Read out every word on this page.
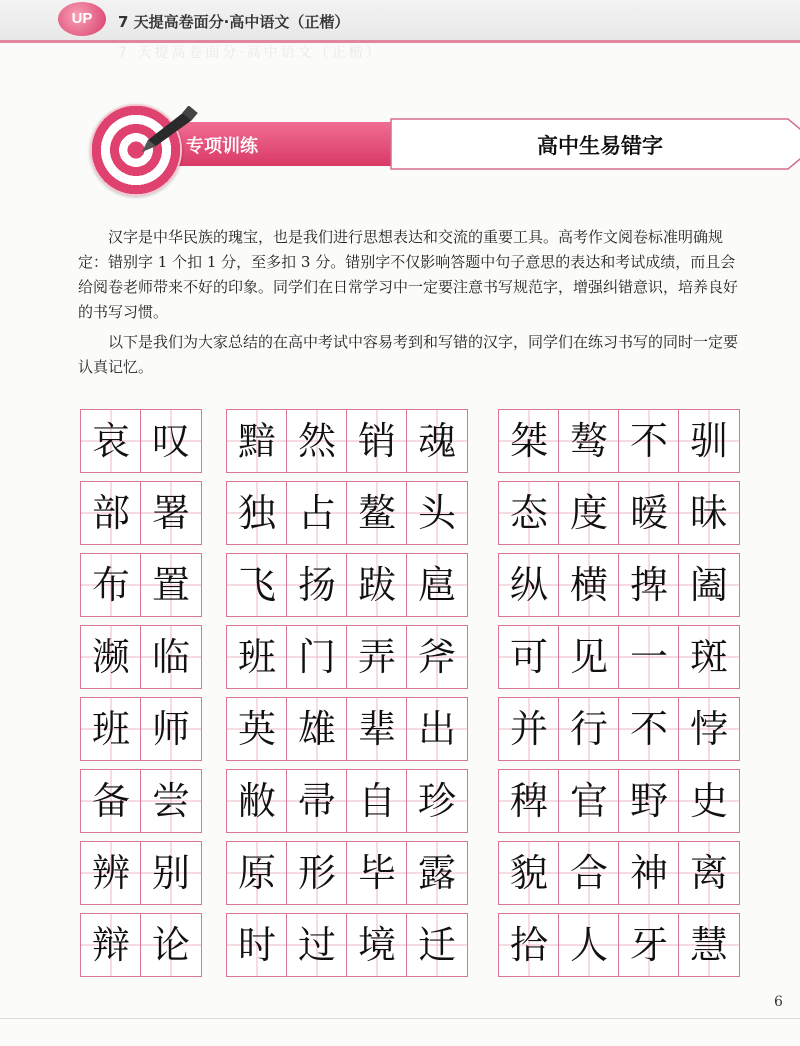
UP	7 天提高卷面分·高中语文（正楷）
7 天提高卷面分·高中语文（正楷）
专项训练	高中生易错字

汉字是中华民族的瑰宝，也是我们进行思想表达和交流的重要工具。高考作文阅卷标准明确规定：错别字 1 个扣 1 分，至多扣 3 分。错别字不仅影响答题中句子意思的表达和考试成绩，而且会给阅卷老师带来不好的印象。同学们在日常学习中一定要注意书写规范字，增强纠错意识，培养良好的书写习惯。

以下是我们为大家总结的在高中考试中容易考到和写错的汉字，同学们在练习书写的同时一定要认真记忆。

哀 叹 黯 然 销 魂 桀 骜 不 驯
部 署 独 占 鳌 头 态 度 暧 昧
布 置 飞 扬 跋 扈 纵 横 捭 阖
濒 临 班 门 弄 斧 可 见 一 斑
班 师 英 雄 辈 出 并 行 不 悖
备 尝 敝 帚 自 珍 稗 官 野 史
辨 别 原 形 毕 露 貌 合 神 离
辩 论 时 过 境 迁 拾 人 牙 慧
6
